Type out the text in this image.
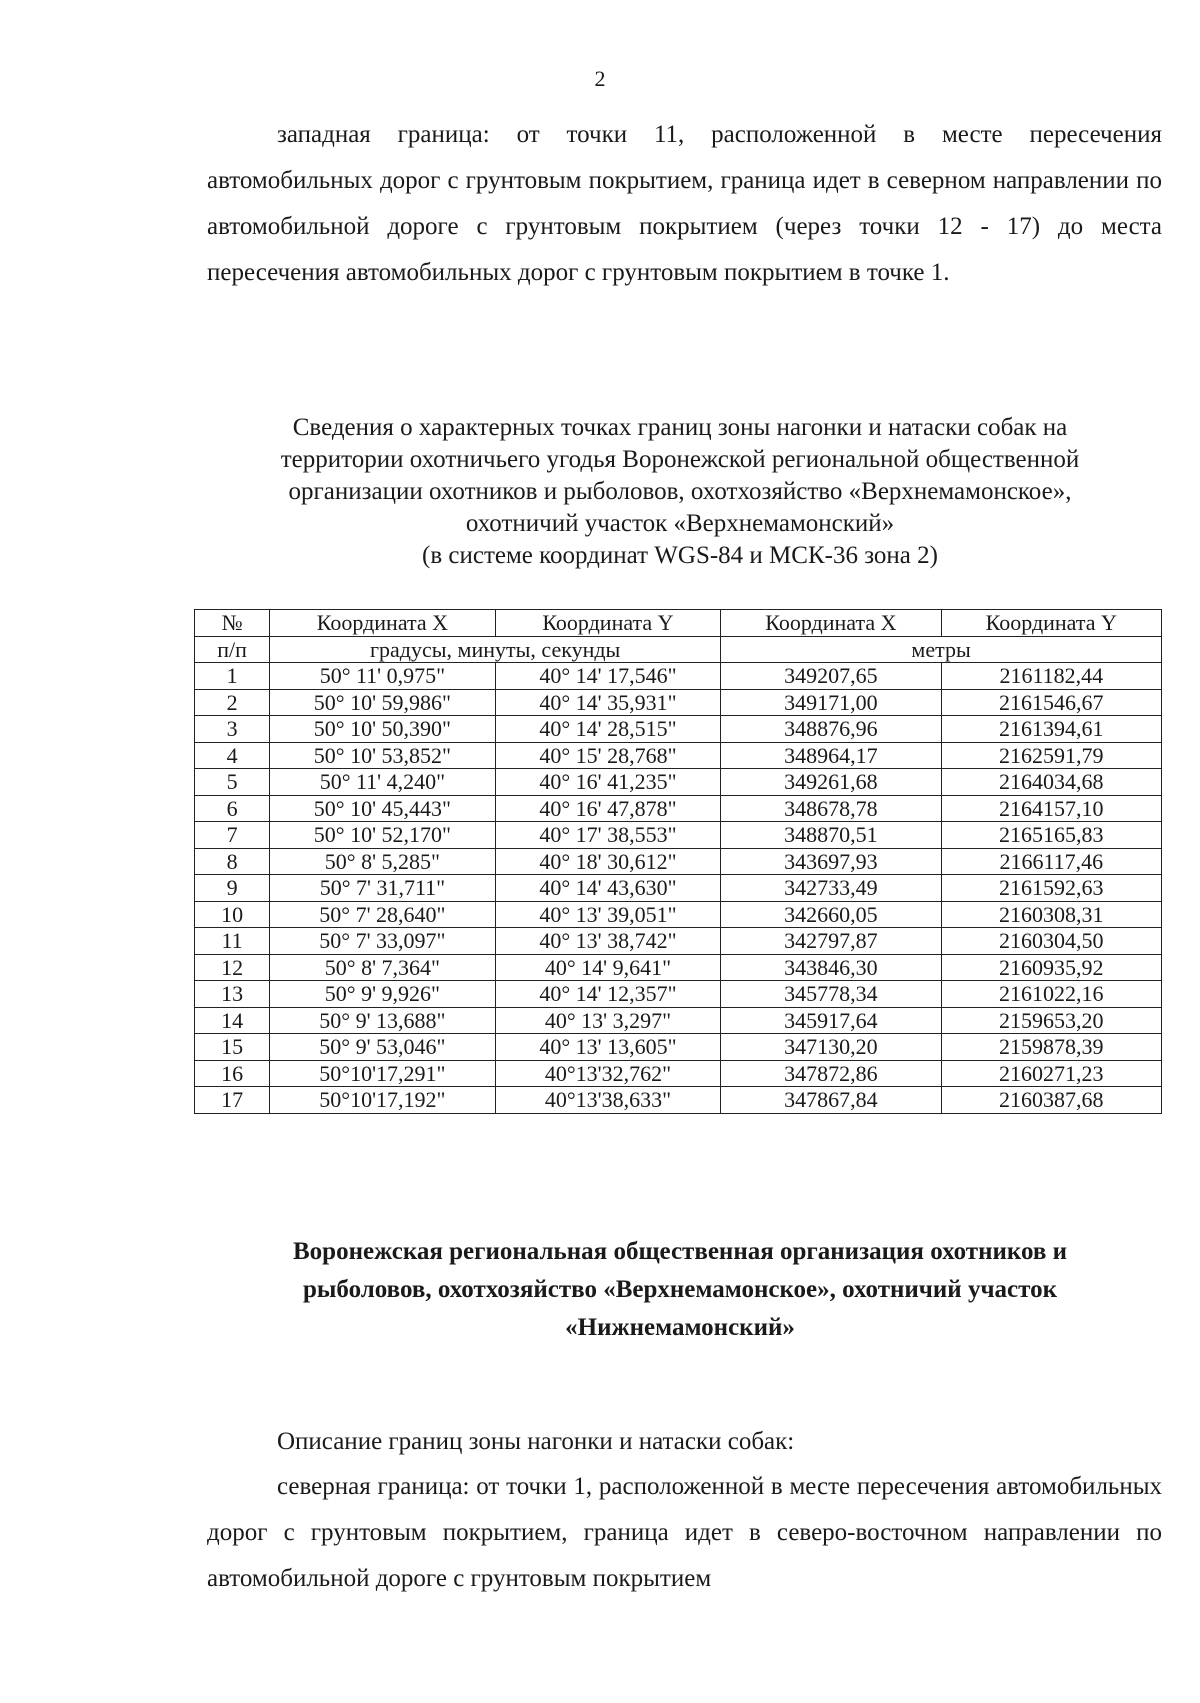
2

западная граница: от точки 11, расположенной в месте пересечения автомобильных дорог с грунтовым покрытием, граница идет в северном направлении по автомобильной дороге с грунтовым покрытием (через точки 12 - 17) до места пересечения автомобильных дорог с грунтовым покрытием в точке 1.

Сведения о характерных точках границ зоны нагонки и натаски собак на
территории охотничьего угодья Воронежской региональной общественной
организации охотников и рыболовов, охотхозяйство «Верхнемамонское»,
охотничий участок «Верхнемамонский»
(в системе координат WGS-84 и МСК-36 зона 2)
№	Координата X	Координата Y	Координата X	Координата Y
п/п	градусы, минуты, секунды		метры	
1	50° 11' 0,975"	40° 14' 17,546"	349207,65	2161182,44
2	50° 10' 59,986"	40° 14' 35,931"	349171,00	2161546,67
3	50° 10' 50,390"	40° 14' 28,515"	348876,96	2161394,61
4	50° 10' 53,852"	40° 15' 28,768"	348964,17	2162591,79
5	50° 11' 4,240"	40° 16' 41,235"	349261,68	2164034,68
6	50° 10' 45,443"	40° 16' 47,878"	348678,78	2164157,10
7	50° 10' 52,170"	40° 17' 38,553"	348870,51	2165165,83
8	50° 8' 5,285"	40° 18' 30,612"	343697,93	2166117,46
9	50° 7' 31,711"	40° 14' 43,630"	342733,49	2161592,63
10	50° 7' 28,640"	40° 13' 39,051"	342660,05	2160308,31
11	50° 7' 33,097"	40° 13' 38,742"	342797,87	2160304,50
12	50° 8' 7,364"	40° 14' 9,641"	343846,30	2160935,92
13	50° 9' 9,926"	40° 14' 12,357"	345778,34	2161022,16
14	50° 9' 13,688"	40° 13' 3,297"	345917,64	2159653,20
15	50° 9' 53,046"	40° 13' 13,605"	347130,20	2159878,39
16	50°10'17,291"	40°13'32,762"	347872,86	2160271,23
17	50°10'17,192"	40°13'38,633"	347867,84	2160387,68
Воронежская региональная общественная организация охотников и
рыболовов, охотхозяйство «Верхнемамонское», охотничий участок
«Нижнемамонский»

Описание границ зоны нагонки и натаски собак:

северная граница: от точки 1, расположенной в месте пересечения автомобильных дорог с грунтовым покрытием, граница идет в северо-восточном направлении по автомобильной дороге с грунтовым покрытием
